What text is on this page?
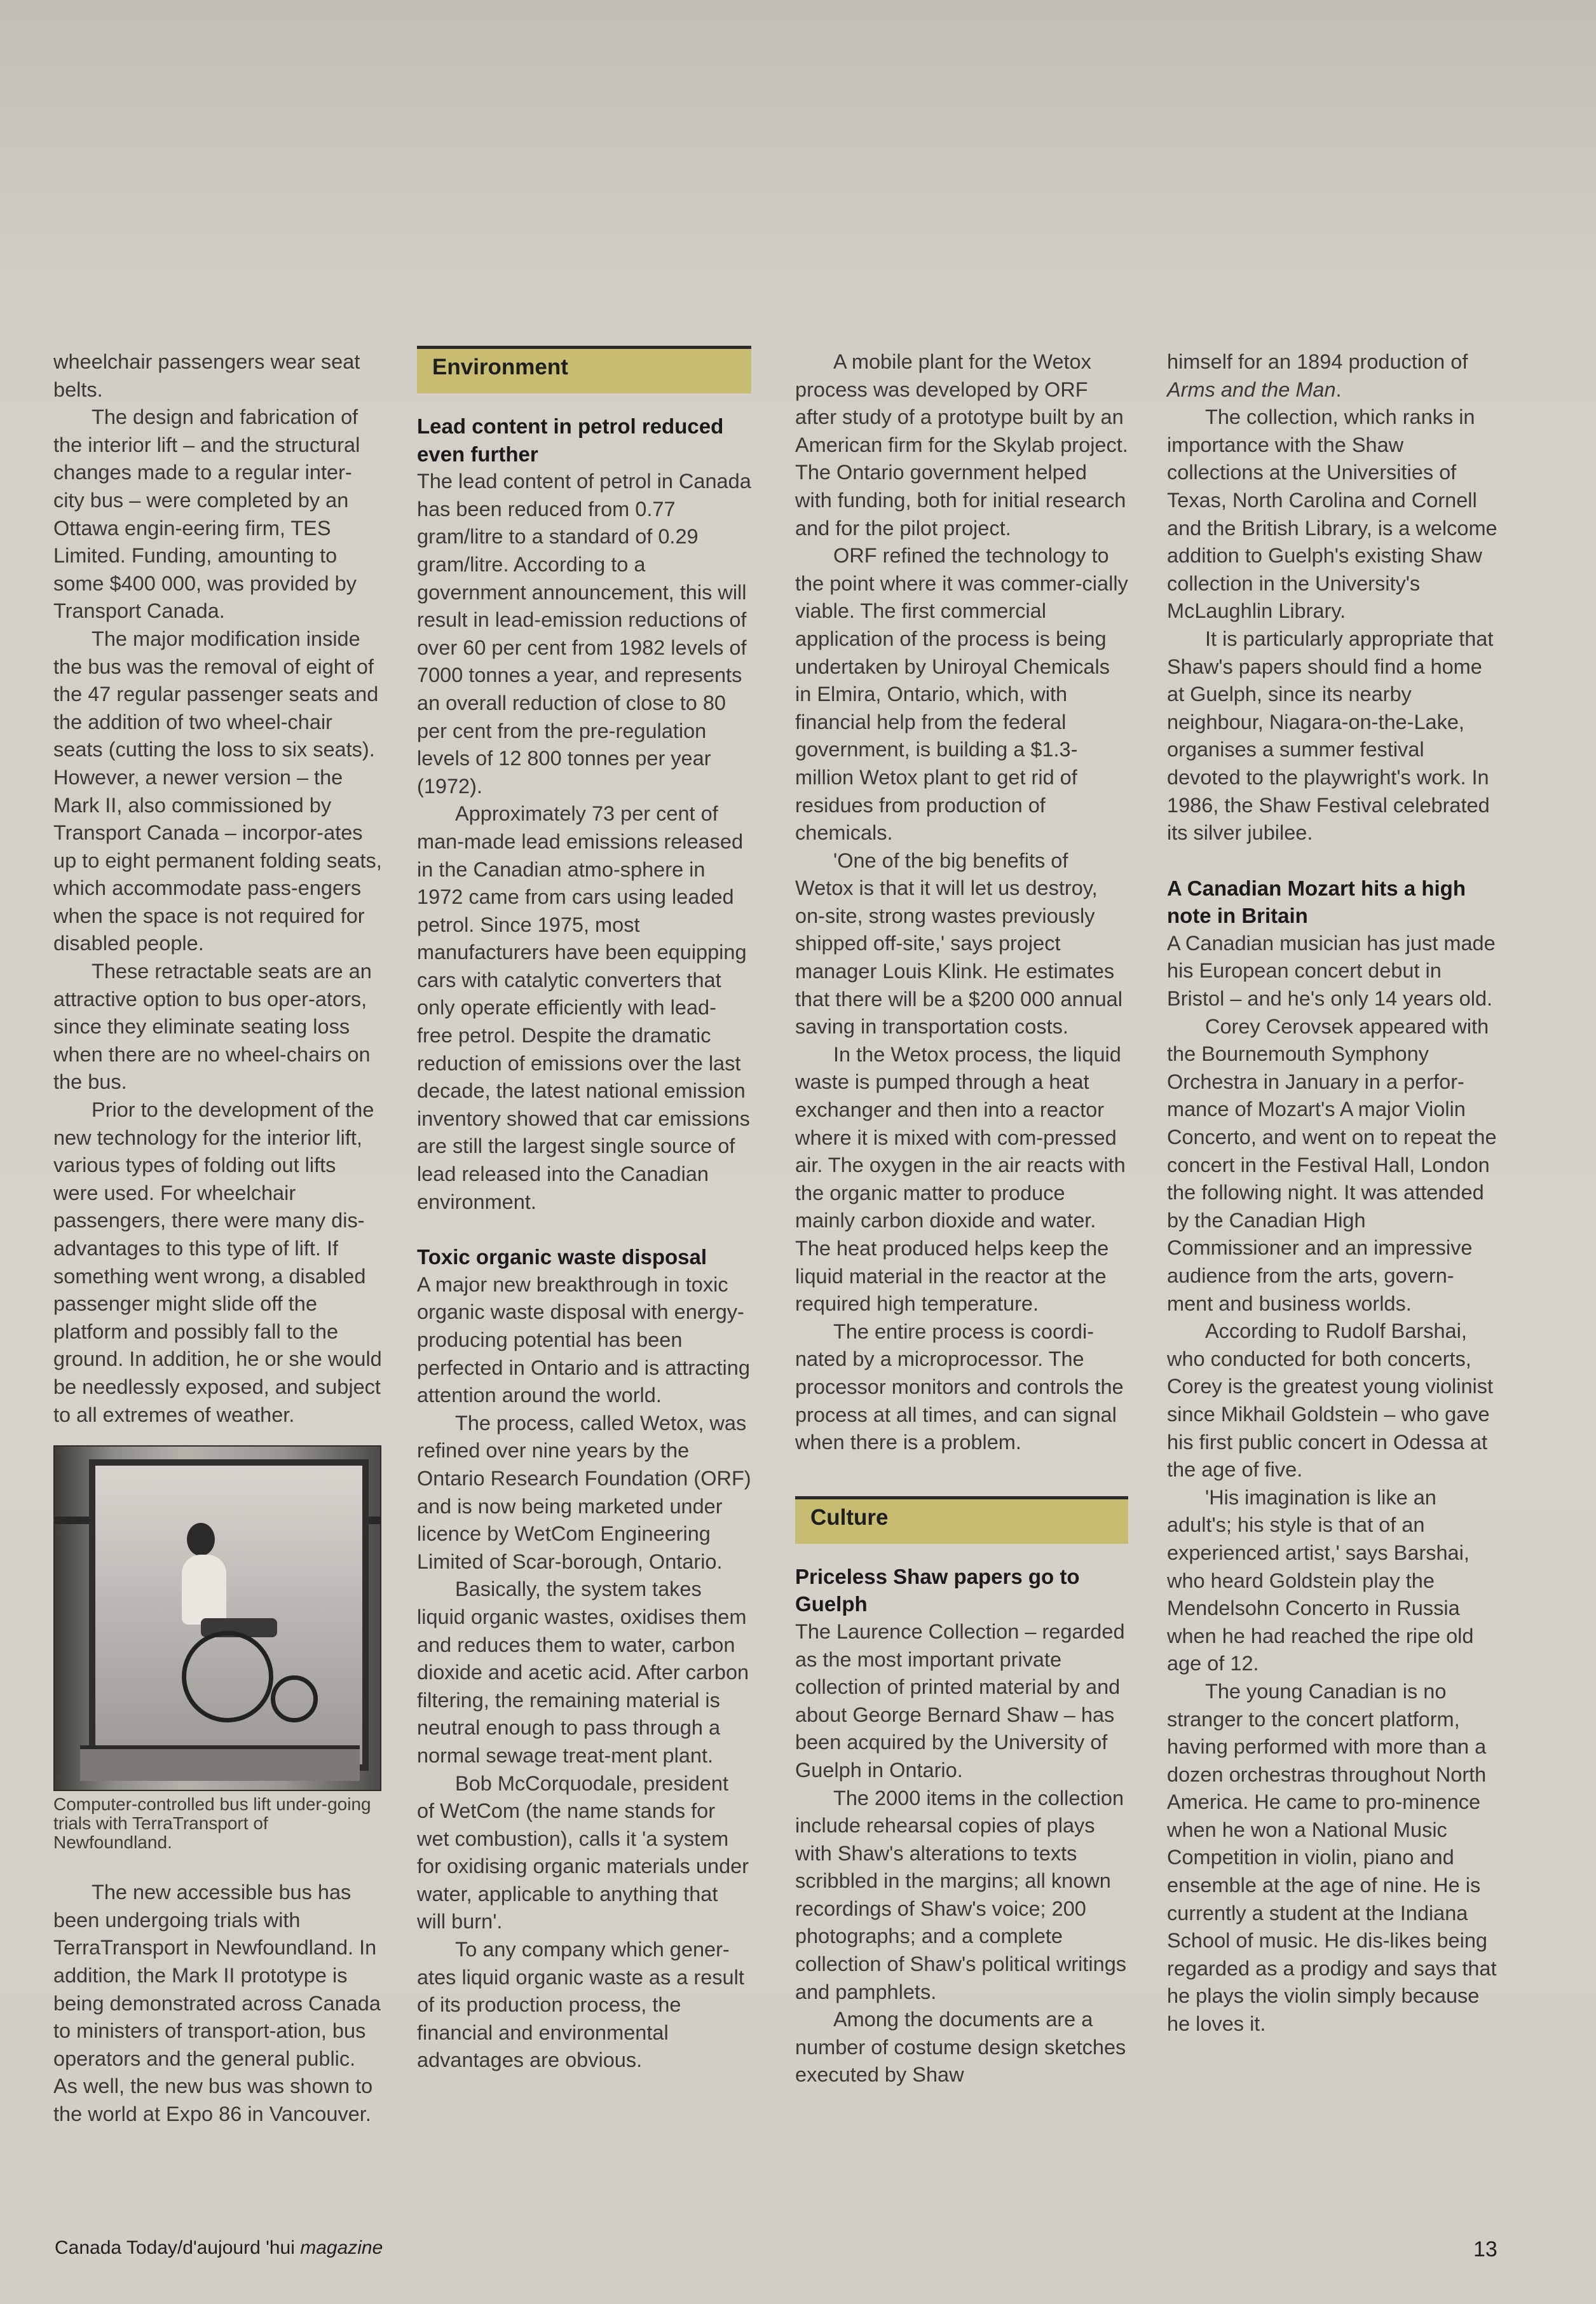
wheelchair passengers wear seat belts.

The design and fabrication of the interior lift – and the structural changes made to a regular inter-city bus – were completed by an Ottawa engin-eering firm, TES Limited. Funding, amounting to some $400 000, was provided by Transport Canada.

The major modification inside the bus was the removal of eight of the 47 regular passenger seats and the addition of two wheel-chair seats (cutting the loss to six seats). However, a newer version – the Mark II, also commissioned by Transport Canada – incorpor-ates up to eight permanent folding seats, which accommodate pass-engers when the space is not required for disabled people.

These retractable seats are an attractive option to bus oper-ators, since they eliminate seating loss when there are no wheel-chairs on the bus.

Prior to the development of the new technology for the interior lift, various types of folding out lifts were used. For wheelchair passengers, there were many dis-advantages to this type of lift. If something went wrong, a disabled passenger might slide off the platform and possibly fall to the ground. In addition, he or she would be needlessly exposed, and subject to all extremes of weather.

Computer-controlled bus lift under-going trials with TerraTransport of Newfoundland.

The new accessible bus has been undergoing trials with TerraTransport in Newfoundland. In addition, the Mark II prototype is being demonstrated across Canada to ministers of transport-ation, bus operators and the general public. As well, the new bus was shown to the world at Expo 86 in Vancouver.

Environment
Lead content in petrol reduced even further

The lead content of petrol in Canada has been reduced from 0.77 gram/litre to a standard of 0.29 gram/litre. According to a government announcement, this will result in lead-emission reductions of over 60 per cent from 1982 levels of 7000 tonnes a year, and represents an overall reduction of close to 80 per cent from the pre-regulation levels of 12 800 tonnes per year (1972).

Approximately 73 per cent of man-made lead emissions released in the Canadian atmo-sphere in 1972 came from cars using leaded petrol. Since 1975, most manufacturers have been equipping cars with catalytic converters that only operate efficiently with lead-free petrol. Despite the dramatic reduction of emissions over the last decade, the latest national emission inventory showed that car emissions are still the largest single source of lead released into the Canadian environment.

Toxic organic waste disposal

A major new breakthrough in toxic organic waste disposal with energy-producing potential has been perfected in Ontario and is attracting attention around the world.

The process, called Wetox, was refined over nine years by the Ontario Research Foundation (ORF) and is now being marketed under licence by WetCom Engineering Limited of Scar-borough, Ontario.

Basically, the system takes liquid organic wastes, oxidises them and reduces them to water, carbon dioxide and acetic acid. After carbon filtering, the remaining material is neutral enough to pass through a normal sewage treat-ment plant.

Bob McCorquodale, president of WetCom (the name stands for wet combustion), calls it 'a system for oxidising organic materials under water, applicable to anything that will burn'.

To any company which gener-ates liquid organic waste as a result of its production process, the financial and environmental advantages are obvious.

A mobile plant for the Wetox process was developed by ORF after study of a prototype built by an American firm for the Skylab project. The Ontario government helped with funding, both for initial research and for the pilot project.

ORF refined the technology to the point where it was commer-cially viable. The first commercial application of the process is being undertaken by Uniroyal Chemicals in Elmira, Ontario, which, with financial help from the federal government, is building a $1.3-million Wetox plant to get rid of residues from production of chemicals.

'One of the big benefits of Wetox is that it will let us destroy, on-site, strong wastes previously shipped off-site,' says project manager Louis Klink. He estimates that there will be a $200 000 annual saving in transportation costs.

In the Wetox process, the liquid waste is pumped through a heat exchanger and then into a reactor where it is mixed with com-pressed air. The oxygen in the air reacts with the organic matter to produce mainly carbon dioxide and water. The heat produced helps keep the liquid material in the reactor at the required high temperature.

The entire process is coordi-nated by a microprocessor. The processor monitors and controls the process at all times, and can signal when there is a problem.

Culture
Priceless Shaw papers go to Guelph

The Laurence Collection – regarded as the most important private collection of printed material by and about George Bernard Shaw – has been acquired by the University of Guelph in Ontario.

The 2000 items in the collection include rehearsal copies of plays with Shaw's alterations to texts scribbled in the margins; all known recordings of Shaw's voice; 200 photographs; and a complete collection of Shaw's political writings and pamphlets.

Among the documents are a number of costume design sketches executed by Shaw

himself for an 1894 production of Arms and the Man.

The collection, which ranks in importance with the Shaw collections at the Universities of Texas, North Carolina and Cornell and the British Library, is a welcome addition to Guelph's existing Shaw collection in the University's McLaughlin Library.

It is particularly appropriate that Shaw's papers should find a home at Guelph, since its nearby neighbour, Niagara-on-the-Lake, organises a summer festival devoted to the playwright's work. In 1986, the Shaw Festival celebrated its silver jubilee.

A Canadian Mozart hits a high note in Britain

A Canadian musician has just made his European concert debut in Bristol – and he's only 14 years old.

Corey Cerovsek appeared with the Bournemouth Symphony Orchestra in January in a perfor-mance of Mozart's A major Violin Concerto, and went on to repeat the concert in the Festival Hall, London the following night. It was attended by the Canadian High Commissioner and an impressive audience from the arts, govern-ment and business worlds.

According to Rudolf Barshai, who conducted for both concerts, Corey is the greatest young violinist since Mikhail Goldstein – who gave his first public concert in Odessa at the age of five.

'His imagination is like an adult's; his style is that of an experienced artist,' says Barshai, who heard Goldstein play the Mendelsohn Concerto in Russia when he had reached the ripe old age of 12.

The young Canadian is no stranger to the concert platform, having performed with more than a dozen orchestras throughout North America. He came to pro-minence when he won a National Music Competition in violin, piano and ensemble at the age of nine. He is currently a student at the Indiana School of music. He dis-likes being regarded as a prodigy and says that he plays the violin simply because he loves it.

Canada Today/d'aujourd 'hui magazine	13
